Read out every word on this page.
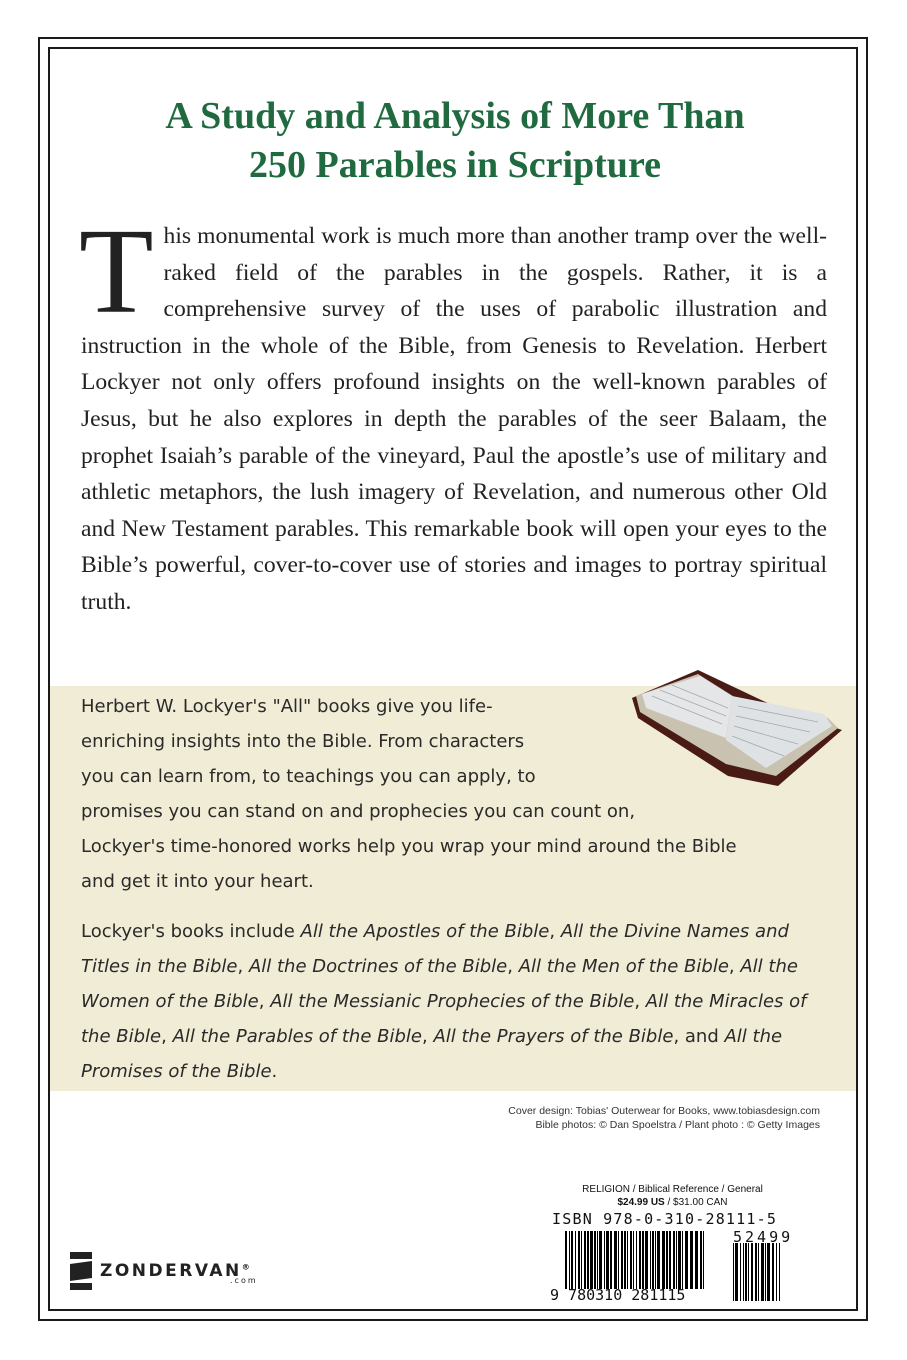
A Study and Analysis of More Than
250 Parables in Scripture
This monumental work is much more than another tramp over the well-raked field of the parables in the gospels. Rather, it is a comprehensive survey of the uses of parabolic illustration and instruction in the whole of the Bible, from Genesis to Revelation. Herbert Lockyer not only offers profound insights on the well-known parables of Jesus, but he also explores in depth the parables of the seer Balaam, the prophet Isaiah’s parable of the vineyard, Paul the apostle’s use of military and athletic metaphors, the lush imagery of Revelation, and numerous other Old and New Testament parables. This remarkable book will open your eyes to the Bible’s powerful, cover-to-cover use of stories and images to portray spiritual truth.
Herbert W. Lockyer's "All" books give you life-
enriching insights into the Bible. From characters
you can learn from, to teachings you can apply, to
promises you can stand on and prophecies you can count on,
Lockyer's time-honored works help you wrap your mind around the Bible
and get it into your heart.
Lockyer's books include All the Apostles of the Bible, All the Divine Names and Titles in the Bible, All the Doctrines of the Bible, All the Men of the Bible, All the Women of the Bible, All the Messianic Prophecies of the Bible, All the Miracles of the Bible, All the Parables of the Bible, All the Prayers of the Bible, and All the Promises of the Bible.
Cover design: Tobias' Outerwear for Books, www.tobiasdesign.com
Bible photos: © Dan Spoelstra / Plant photo : © Getty Images
RELIGION / Biblical Reference / General
$24.99 US / $31.00 CAN
ISBN 978-0-310-28111-5
9 780310 281115
52499
ZONDERVAN®
.com
